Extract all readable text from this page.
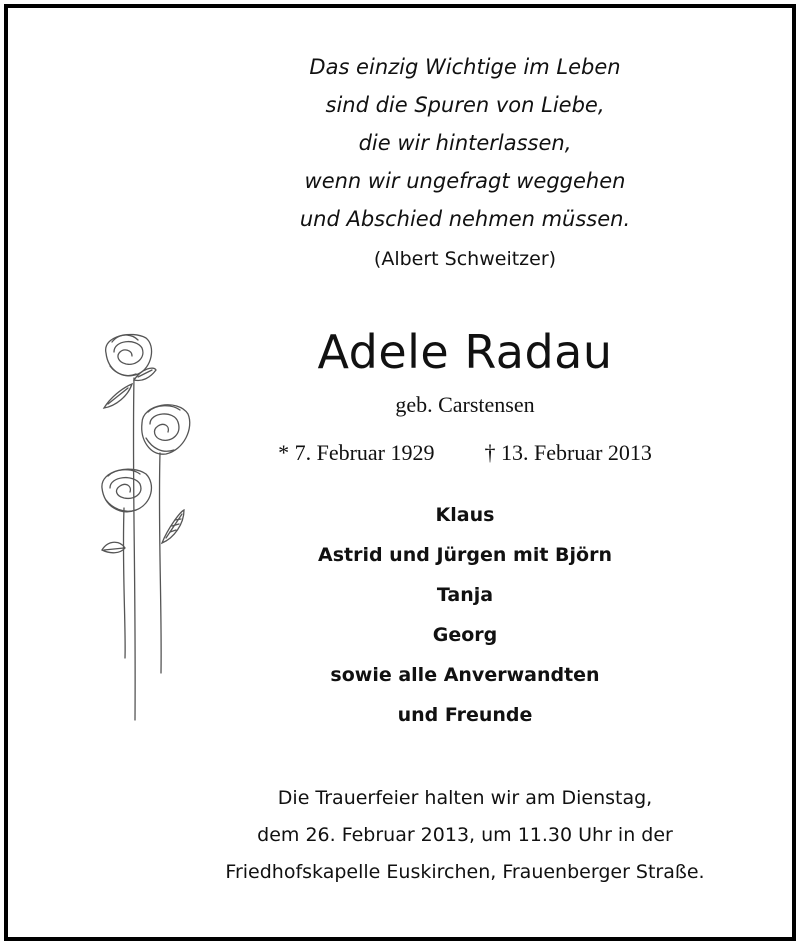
Das einzig Wichtige im Leben
sind die Spuren von Liebe,
die wir hinterlassen,
wenn wir ungefragt weggehen
und Abschied nehmen müssen.
(Albert Schweitzer)
Adele Radau
geb. Carstensen
* 7. Februar 1929 † 13. Februar 2013
Klaus
Astrid und Jürgen mit Björn
Tanja
Georg
sowie alle Anverwandten
und Freunde
Die Trauerfeier halten wir am Dienstag,
dem 26. Februar 2013, um 11.30 Uhr in der
Friedhofskapelle Euskirchen, Frauenberger Straße.
